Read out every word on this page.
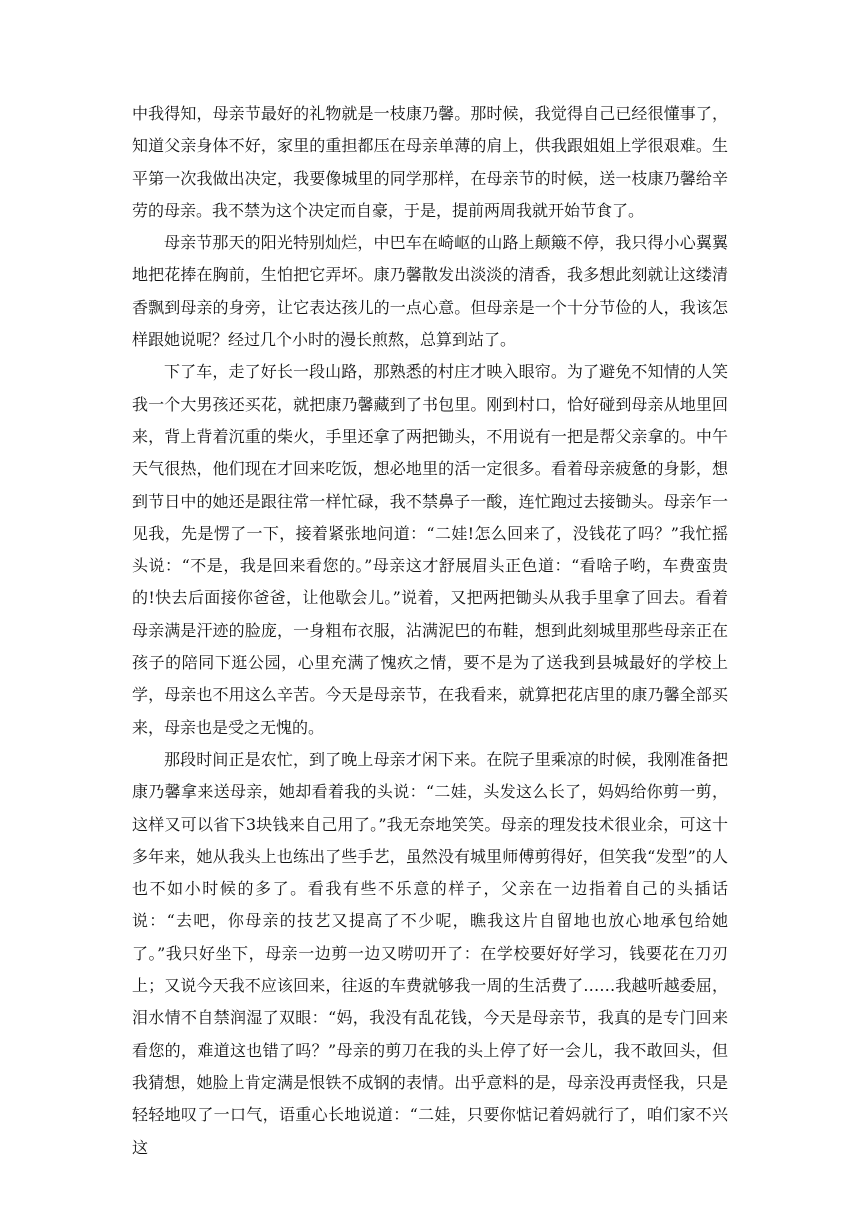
中我得知，母亲节最好的礼物就是一枝康乃馨。那时候，我觉得自己已经很懂事了，知道父亲身体不好，家里的重担都压在母亲单薄的肩上，供我跟姐姐上学很艰难。生平第一次我做出决定，我要像城里的同学那样，在母亲节的时候，送一枝康乃馨给辛劳的母亲。我不禁为这个决定而自豪，于是，提前两周我就开始节食了。

母亲节那天的阳光特别灿烂，中巴车在崎岖的山路上颠簸不停，我只得小心翼翼地把花捧在胸前，生怕把它弄坏。康乃馨散发出淡淡的清香，我多想此刻就让这缕清香飘到母亲的身旁，让它表达孩儿的一点心意。但母亲是一个十分节俭的人，我该怎样跟她说呢？经过几个小时的漫长煎熬，总算到站了。

下了车，走了好长一段山路，那熟悉的村庄才映入眼帘。为了避免不知情的人笑我一个大男孩还买花，就把康乃馨藏到了书包里。刚到村口，恰好碰到母亲从地里回来，背上背着沉重的柴火，手里还拿了两把锄头，不用说有一把是帮父亲拿的。中午天气很热，他们现在才回来吃饭，想必地里的活一定很多。看着母亲疲惫的身影，想到节日中的她还是跟往常一样忙碌，我不禁鼻子一酸，连忙跑过去接锄头。母亲乍一见我，先是愣了一下，接着紧张地问道：“二娃!怎么回来了，没钱花了吗？”我忙摇头说：“不是，我是回来看您的。”母亲这才舒展眉头正色道：“看啥子哟，车费蛮贵的!快去后面接你爸爸，让他歇会儿。”说着，又把两把锄头从我手里拿了回去。看着母亲满是汗迹的脸庞，一身粗布衣服，沾满泥巴的布鞋，想到此刻城里那些母亲正在孩子的陪同下逛公园，心里充满了愧疚之情，要不是为了送我到县城最好的学校上学，母亲也不用这么辛苦。今天是母亲节，在我看来，就算把花店里的康乃馨全部买来，母亲也是受之无愧的。

那段时间正是农忙，到了晚上母亲才闲下来。在院子里乘凉的时候，我刚准备把康乃馨拿来送母亲，她却看着我的头说：“二娃，头发这么长了，妈妈给你剪一剪，这样又可以省下3块钱来自己用了。”我无奈地笑笑。母亲的理发技术很业余，可这十多年来，她从我头上也练出了些手艺，虽然没有城里师傅剪得好，但笑我“发型”的人也不如小时候的多了。看我有些不乐意的样子，父亲在一边指着自己的头插话说：“去吧，你母亲的技艺又提高了不少呢，瞧我这片自留地也放心地承包给她了。”我只好坐下，母亲一边剪一边又唠叨开了：在学校要好好学习，钱要花在刀刃上；又说今天我不应该回来，往返的车费就够我一周的生活费了……我越听越委屈，泪水情不自禁润湿了双眼：“妈，我没有乱花钱，今天是母亲节，我真的是专门回来看您的，难道这也错了吗？”母亲的剪刀在我的头上停了好一会儿，我不敢回头，但我猜想，她脸上肯定满是恨铁不成钢的表情。出乎意料的是，母亲没再责怪我，只是轻轻地叹了一口气，语重心长地说道：“二娃，只要你惦记着妈就行了，咱们家不兴这
